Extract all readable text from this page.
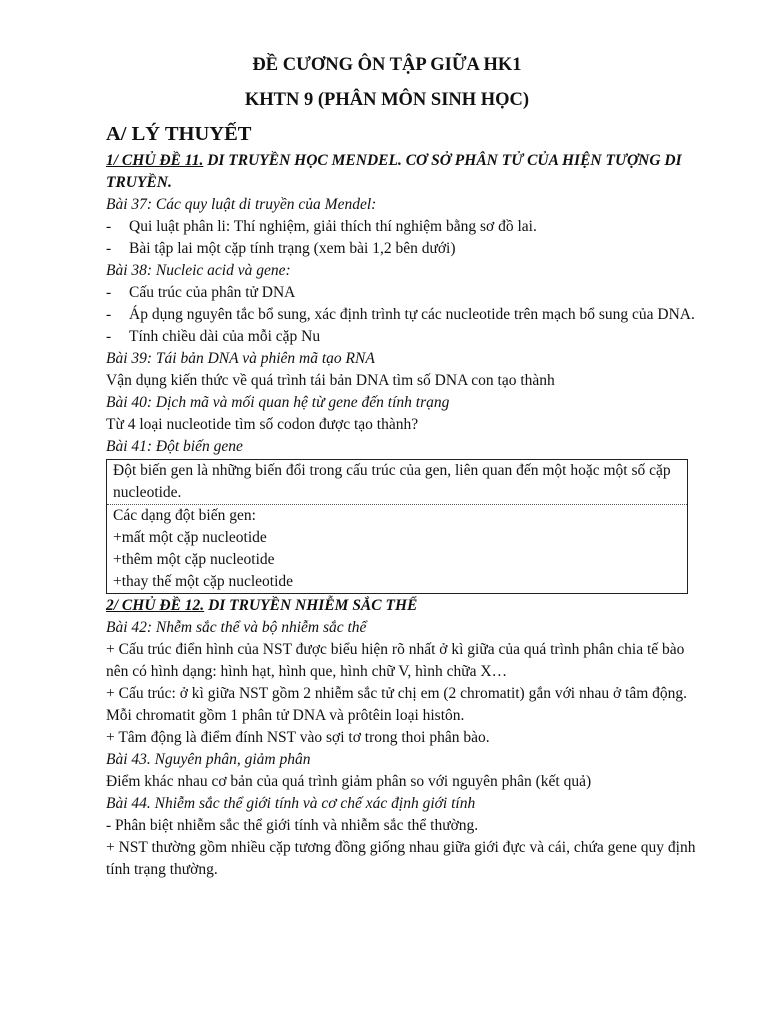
ĐỀ CƯƠNG ÔN TẬP GIỮA HK1

KHTN 9 (PHÂN MÔN SINH HỌC)

A/ LÝ THUYẾT

1/ CHỦ ĐỀ 11. DI TRUYỀN HỌC MENDEL. CƠ SỞ PHÂN TỬ CỦA HIỆN TƯỢNG DI TRUYỀN.

Bài 37: Các quy luật di truyền của Mendel:

- Qui luật phân li: Thí nghiệm, giải thích thí nghiệm bằng sơ đồ lai.
- Bài tập lai một cặp tính trạng (xem bài 1,2 bên dưới)

Bài 38: Nucleic acid và gene:

- Cấu trúc của phân tử DNA
- Áp dụng nguyên tắc bổ sung, xác định trình tự các nucleotide trên mạch bổ sung của DNA.
- Tính chiều dài của mỗi cặp Nu

Bài 39: Tái bản DNA và phiên mã tạo RNA

Vận dụng kiến thức về quá trình tái bản DNA tìm số DNA con tạo thành

Bài 40: Dịch mã và mối quan hệ từ gene đến tính trạng

Từ 4 loại nucleotide tìm số codon được tạo thành?

Bài 41: Đột biến gene

Đột biến gen là những biến đổi trong cấu trúc của gen, liên quan đến một hoặc một số cặp nucleotide.
Các dạng đột biến gen:
+mất một cặp nucleotide
+thêm một cặp nucleotide
+thay thế một cặp nucleotide

2/ CHỦ ĐỀ 12. DI TRUYỀN NHIỄM SẮC THỂ

Bài 42: Nhễm sắc thể và bộ nhiễm sắc thể

+ Cấu trúc điển hình của NST được biểu hiện rõ nhất ở kì giữa của quá trình phân chia tế bào nên có hình dạng: hình hạt, hình que, hình chữ V, hình chữa X…

+ Cấu trúc: ở kì giữa NST gồm 2 nhiễm sắc tử chị em (2 chromatit) gắn với nhau ở tâm động. Mỗi chromatit gồm 1 phân tử DNA và prôtêin loại histôn.

+ Tâm động là điểm đính NST vào sợi tơ trong thoi phân bào.

Bài 43. Nguyên phân, giảm phân

Điểm khác nhau cơ bản của quá trình giảm phân so với nguyên phân (kết quả)

Bài 44. Nhiễm sắc thể giới tính và cơ chế xác định giới tính

- Phân biệt nhiễm sắc thể giới tính và nhiễm sắc thể thường.

+ NST thường gồm nhiều cặp tương đồng giống nhau giữa giới đực và cái, chứa gene quy định tính trạng thường.
